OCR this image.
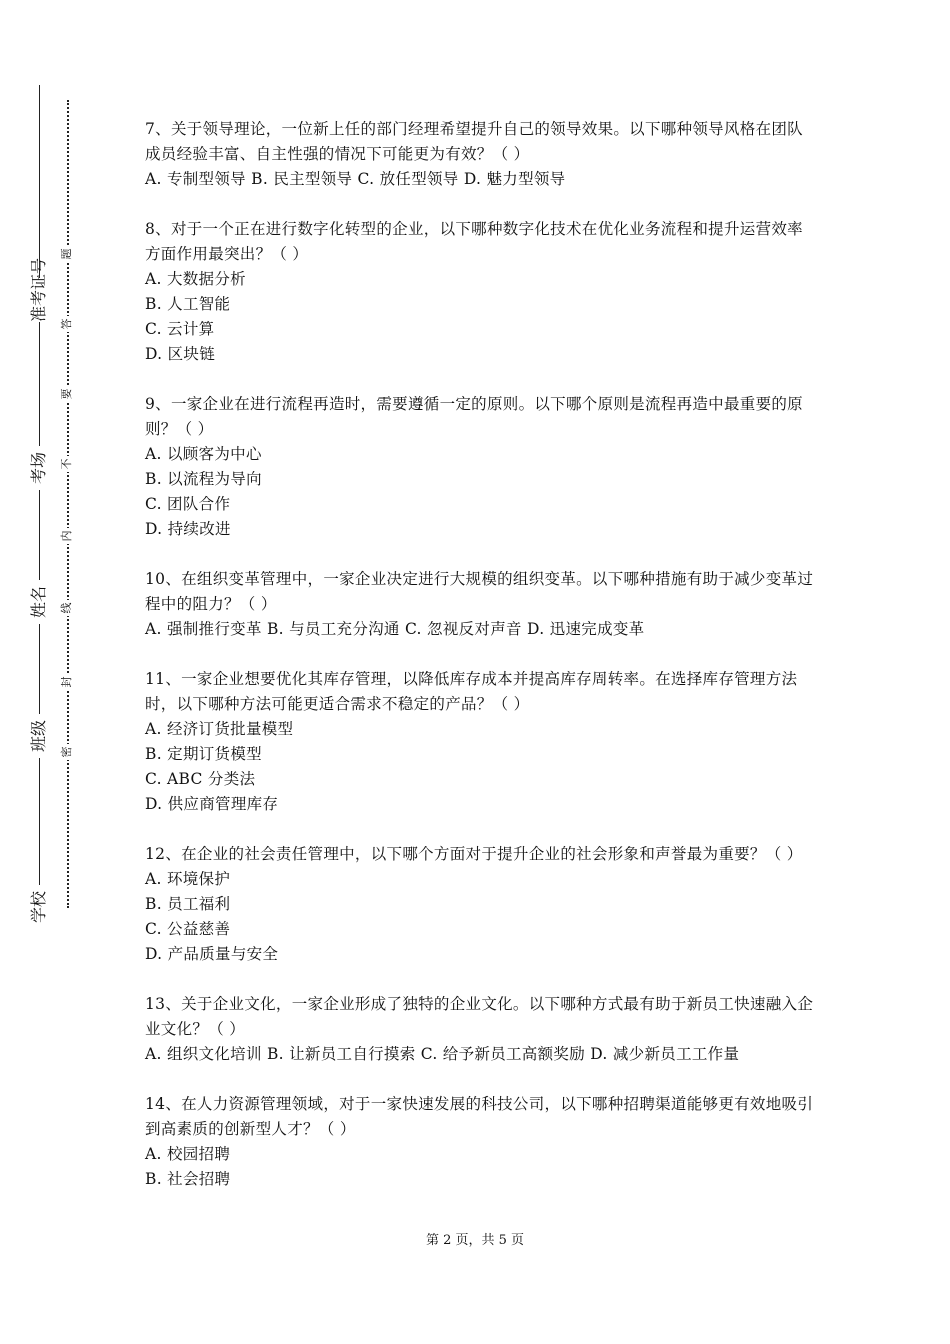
准考证号
考场
姓名
班级
学校
题
答
要
不
内
线
封
密

7、关于领导理论，一位新上任的部门经理希望提升自己的领导效果。以下哪种领导风格在团队成员经验丰富、自主性强的情况下可能更为有效？（ ）

A. 专制型领导 B. 民主型领导 C. 放任型领导 D. 魅力型领导

8、对于一个正在进行数字化转型的企业，以下哪种数字化技术在优化业务流程和提升运营效率方面作用最突出？（ ）

A. 大数据分析

B. 人工智能

C. 云计算

D. 区块链

9、一家企业在进行流程再造时，需要遵循一定的原则。以下哪个原则是流程再造中最重要的原则？（ ）

A. 以顾客为中心

B. 以流程为导向

C. 团队合作

D. 持续改进

10、在组织变革管理中，一家企业决定进行大规模的组织变革。以下哪种措施有助于减少变革过程中的阻力？（ ）

A. 强制推行变革 B. 与员工充分沟通 C. 忽视反对声音 D. 迅速完成变革

11、一家企业想要优化其库存管理，以降低库存成本并提高库存周转率。在选择库存管理方法时，以下哪种方法可能更适合需求不稳定的产品？（ ）

A. 经济订货批量模型

B. 定期订货模型

C. ABC 分类法

D. 供应商管理库存

12、在企业的社会责任管理中，以下哪个方面对于提升企业的社会形象和声誉最为重要？（ ）

A. 环境保护

B. 员工福利

C. 公益慈善

D. 产品质量与安全

13、关于企业文化，一家企业形成了独特的企业文化。以下哪种方式最有助于新员工快速融入企业文化？（ ）

A. 组织文化培训 B. 让新员工自行摸索 C. 给予新员工高额奖励 D. 减少新员工工作量

14、在人力资源管理领域，对于一家快速发展的科技公司，以下哪种招聘渠道能够更有效地吸引到高素质的创新型人才？（ ）

A. 校园招聘

B. 社会招聘

第 2 页，共 5 页
